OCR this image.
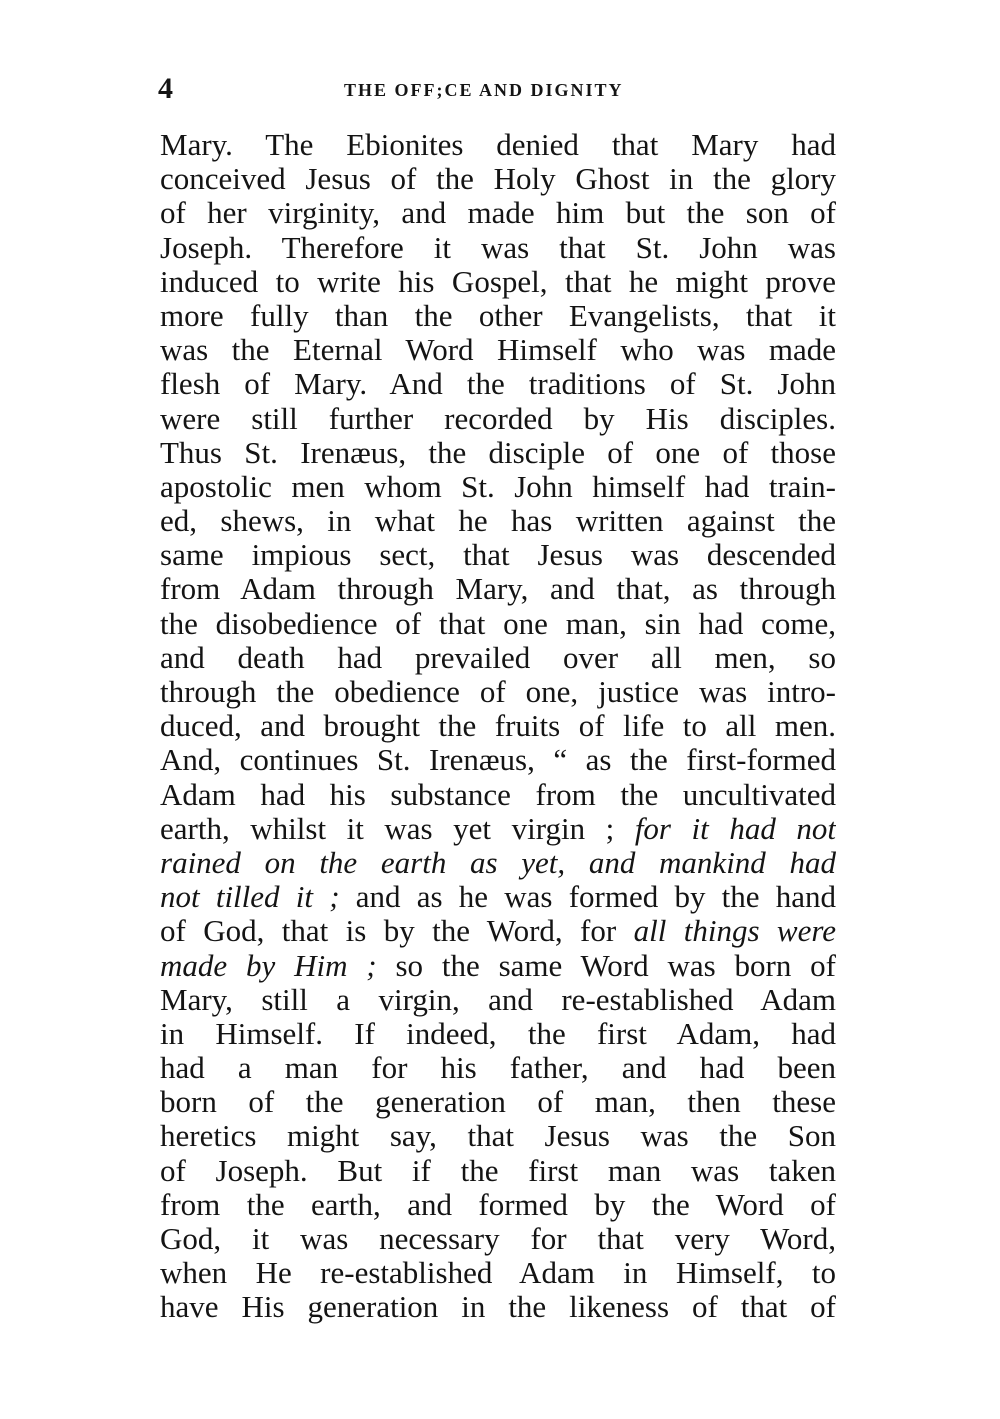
4	THE OFF;CE AND DIGNITY
Mary. The Ebionites denied that Mary had
conceived Jesus of the Holy Ghost in the glory
of her virginity, and made him but the son of
Joseph. Therefore it was that St. John was
induced to write his Gospel, that he might prove
more fully than the other Evangelists, that it
was the Eternal Word Himself who was made
flesh of Mary. And the traditions of St. John
were still further recorded by His disciples.
Thus St. Irenæus, the disciple of one of those
apostolic men whom St. John himself had train-
ed, shews, in what he has written against the
same impious sect, that Jesus was descended
from Adam through Mary, and that, as through
the disobedience of that one man, sin had come,
and death had prevailed over all men, so
through the obedience of one, justice was intro-
duced, and brought the fruits of life to all men.
And, continues St. Irenæus, “ as the first-formed
Adam had his substance from the uncultivated
earth, whilst it was yet virgin ; for it had not
rained on the earth as yet, and mankind had
not tilled it ; and as he was formed by the hand
of God, that is by the Word, for all things were
made by Him ; so the same Word was born of
Mary, still a virgin, and re-established Adam
in Himself. If indeed, the first Adam, had
had a man for his father, and had been
born of the generation of man, then these
heretics might say, that Jesus was the Son
of Joseph. But if the first man was taken
from the earth, and formed by the Word of
God, it was necessary for that very Word,
when He re-established Adam in Himself, to
have His generation in the likeness of that of
